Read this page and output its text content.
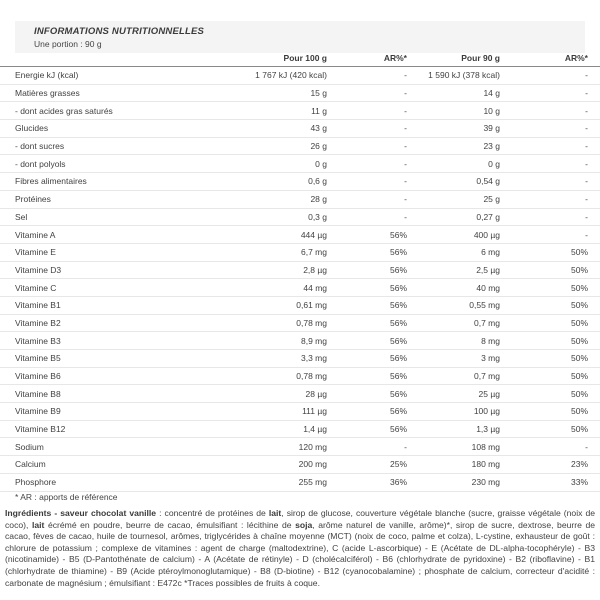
INFORMATIONS NUTRITIONNELLES
Une portion : 90 g
	Pour 100 g	AR%*	Pour 90 g	AR%*
Energie kJ (kcal)	1 767 kJ (420 kcal)	-	1 590 kJ (378 kcal)	-
Matières grasses	15 g	-	14 g	-
- dont acides gras saturés	11 g	-	10 g	-
Glucides	43 g	-	39 g	-
- dont sucres	26 g	-	23 g	-
- dont polyols	0 g	-	0 g	-
Fibres alimentaires	0,6 g	-	0,54 g	-
Protéines	28 g	-	25 g	-
Sel	0,3 g	-	0,27 g	-
Vitamine A	444 µg	56%	400 µg	-
Vitamine E	6,7 mg	56%	6 mg	50%
Vitamine D3	2,8 µg	56%	2,5 µg	50%
Vitamine C	44 mg	56%	40 mg	50%
Vitamine B1	0,61 mg	56%	0,55 mg	50%
Vitamine B2	0,78 mg	56%	0,7 mg	50%
Vitamine B3	8,9 mg	56%	8 mg	50%
Vitamine B5	3,3 mg	56%	3 mg	50%
Vitamine B6	0,78 mg	56%	0,7 mg	50%
Vitamine B8	28 µg	56%	25 µg	50%
Vitamine B9	111 µg	56%	100 µg	50%
Vitamine B12	1,4 µg	56%	1,3 µg	50%
Sodium	120 mg	-	108 mg	-
Calcium	200 mg	25%	180 mg	23%
Phosphore	255 mg	36%	230 mg	33%
* AR : apports de référence

Ingrédients - saveur chocolat vanille : concentré de protéines de lait, sirop de glucose, couverture végétale blanche (sucre, graisse végétale (noix de coco), lait écrémé en poudre, beurre de cacao, émulsifiant : lécithine de soja, arôme naturel de vanille, arôme)*, sirop de sucre, dextrose, beurre de cacao, fèves de cacao, huile de tournesol, arômes, triglycérides à chaîne moyenne (MCT) (noix de coco, palme et colza), L-cystine, exhausteur de goût : chlorure de potassium ; complexe de vitamines : agent de charge (maltodextrine), C (acide L-ascorbique) - E (Acétate de DL-alpha-tocophéryle) - B3 (nicotinamide) - B5 (D-Pantothénate de calcium) - A (Acétate de rétinyle) - D (cholécalciférol) - B6 (chlorhydrate de pyridoxine) - B2 (riboflavine) - B1 (chlorhydrate de thiamine) - B9 (Acide ptéroylmonoglutamique) - B8 (D-biotine) - B12 (cyanocobalamine) ; phosphate de calcium, correcteur d'acidité : carbonate de magnésium ; émulsifiant : E472c *Traces possibles de fruits à coque.
